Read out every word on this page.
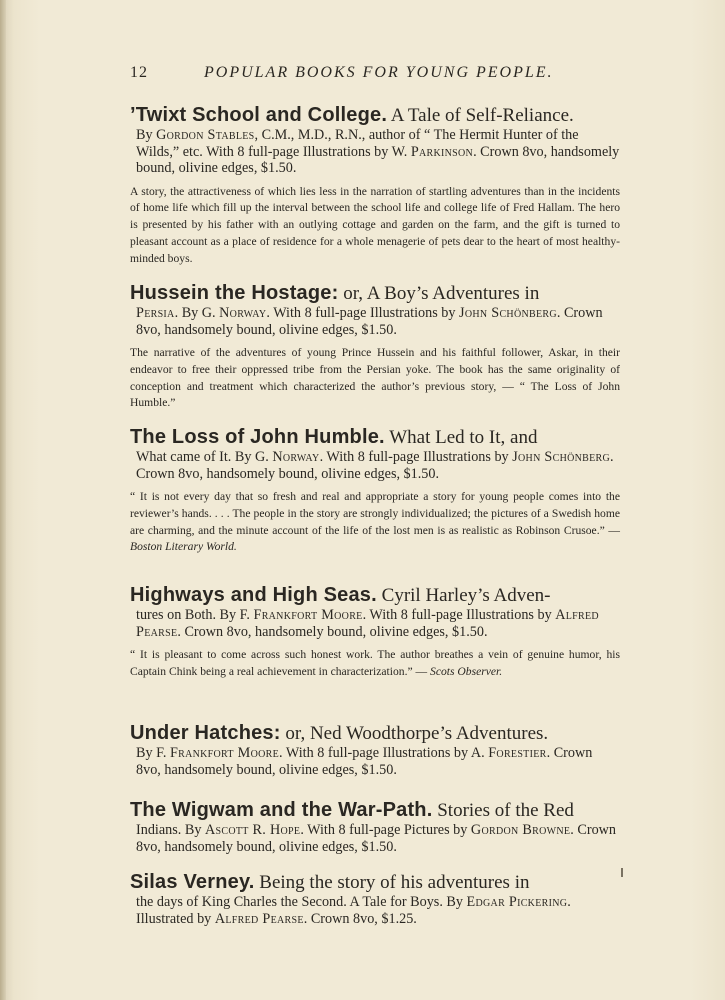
12	POPULAR BOOKS FOR YOUNG PEOPLE.
’Twixt School and College. A Tale of Self-Reliance.
By Gordon Stables, C.M., M.D., R.N., author of “ The Hermit Hunter of the Wilds,” etc. With 8 full-page Illustrations by W. Parkinson. Crown 8vo, handsomely bound, olivine edges, $1.50.
A story, the attractiveness of which lies less in the narration of startling adventures than in the incidents of home life which fill up the interval between the school life and college life of Fred Hallam. The hero is presented by his father with an outlying cottage and garden on the farm, and the gift is turned to pleasant account as a place of residence for a whole menagerie of pets dear to the heart of most healthy-minded boys.
Hussein the Hostage: or, A Boy’s Adventures in
Persia. By G. Norway. With 8 full-page Illustrations by John Schönberg. Crown 8vo, handsomely bound, olivine edges, $1.50.
The narrative of the adventures of young Prince Hussein and his faithful follower, Askar, in their endeavor to free their oppressed tribe from the Persian yoke. The book has the same originality of conception and treatment which characterized the author’s previous story, — “ The Loss of John Humble.”
The Loss of John Humble. What Led to It, and
What came of It. By G. Norway. With 8 full-page Illustrations by John Schönberg. Crown 8vo, handsomely bound, olivine edges, $1.50.
“ It is not every day that so fresh and real and appropriate a story for young people comes into the reviewer’s hands. . . . The people in the story are strongly individualized; the pictures of a Swedish home are charming, and the minute account of the life of the lost men is as realistic as Robinson Crusoe.” — Boston Literary World.
Highways and High Seas. Cyril Harley’s Adven-
tures on Both. By F. Frankfort Moore. With 8 full-page Illustrations by Alfred Pearse. Crown 8vo, handsomely bound, olivine edges, $1.50.
“ It is pleasant to come across such honest work. The author breathes a vein of genuine humor, his Captain Chink being a real achievement in characterization.” — Scots Observer.
Under Hatches: or, Ned Woodthorpe’s Adventures.
By F. Frankfort Moore. With 8 full-page Illustrations by A. Forestier. Crown 8vo, handsomely bound, olivine edges, $1.50.
The Wigwam and the War-Path. Stories of the Red
Indians. By Ascott R. Hope. With 8 full-page Pictures by Gordon Browne. Crown 8vo, handsomely bound, olivine edges, $1.50.
Silas Verney. Being the story of his adventures in
the days of King Charles the Second. A Tale for Boys. By Edgar Pickering. Illustrated by Alfred Pearse. Crown 8vo, $1.25.
